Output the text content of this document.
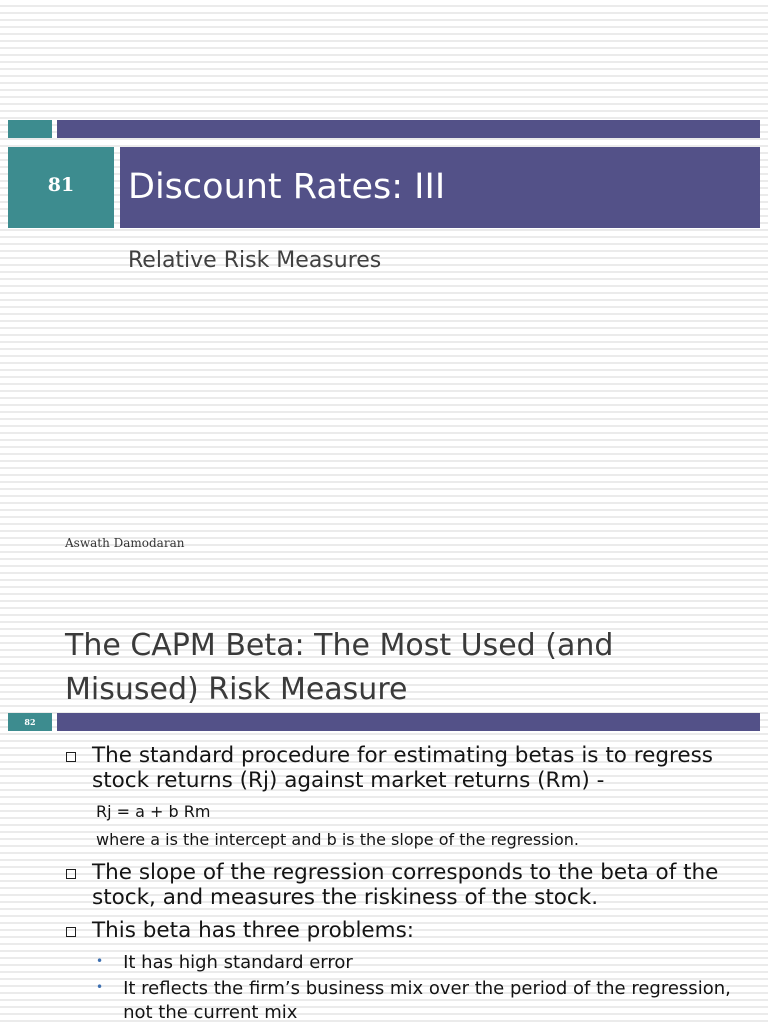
81	Discount Rates: III
Relative Risk Measures
Aswath Damodaran
The CAPM Beta: The Most Used (and Misused) Risk Measure
82
The standard procedure for estimating betas is to regress stock returns (Rj) against market returns (Rm) -
Rj = a + b Rm
where a is the intercept and b is the slope of the regression.
The slope of the regression corresponds to the beta of the stock, and measures the riskiness of the stock.
This beta has three problems:
• It has high standard error
• It reflects the firm’s business mix over the period of the regression, not the current mix
